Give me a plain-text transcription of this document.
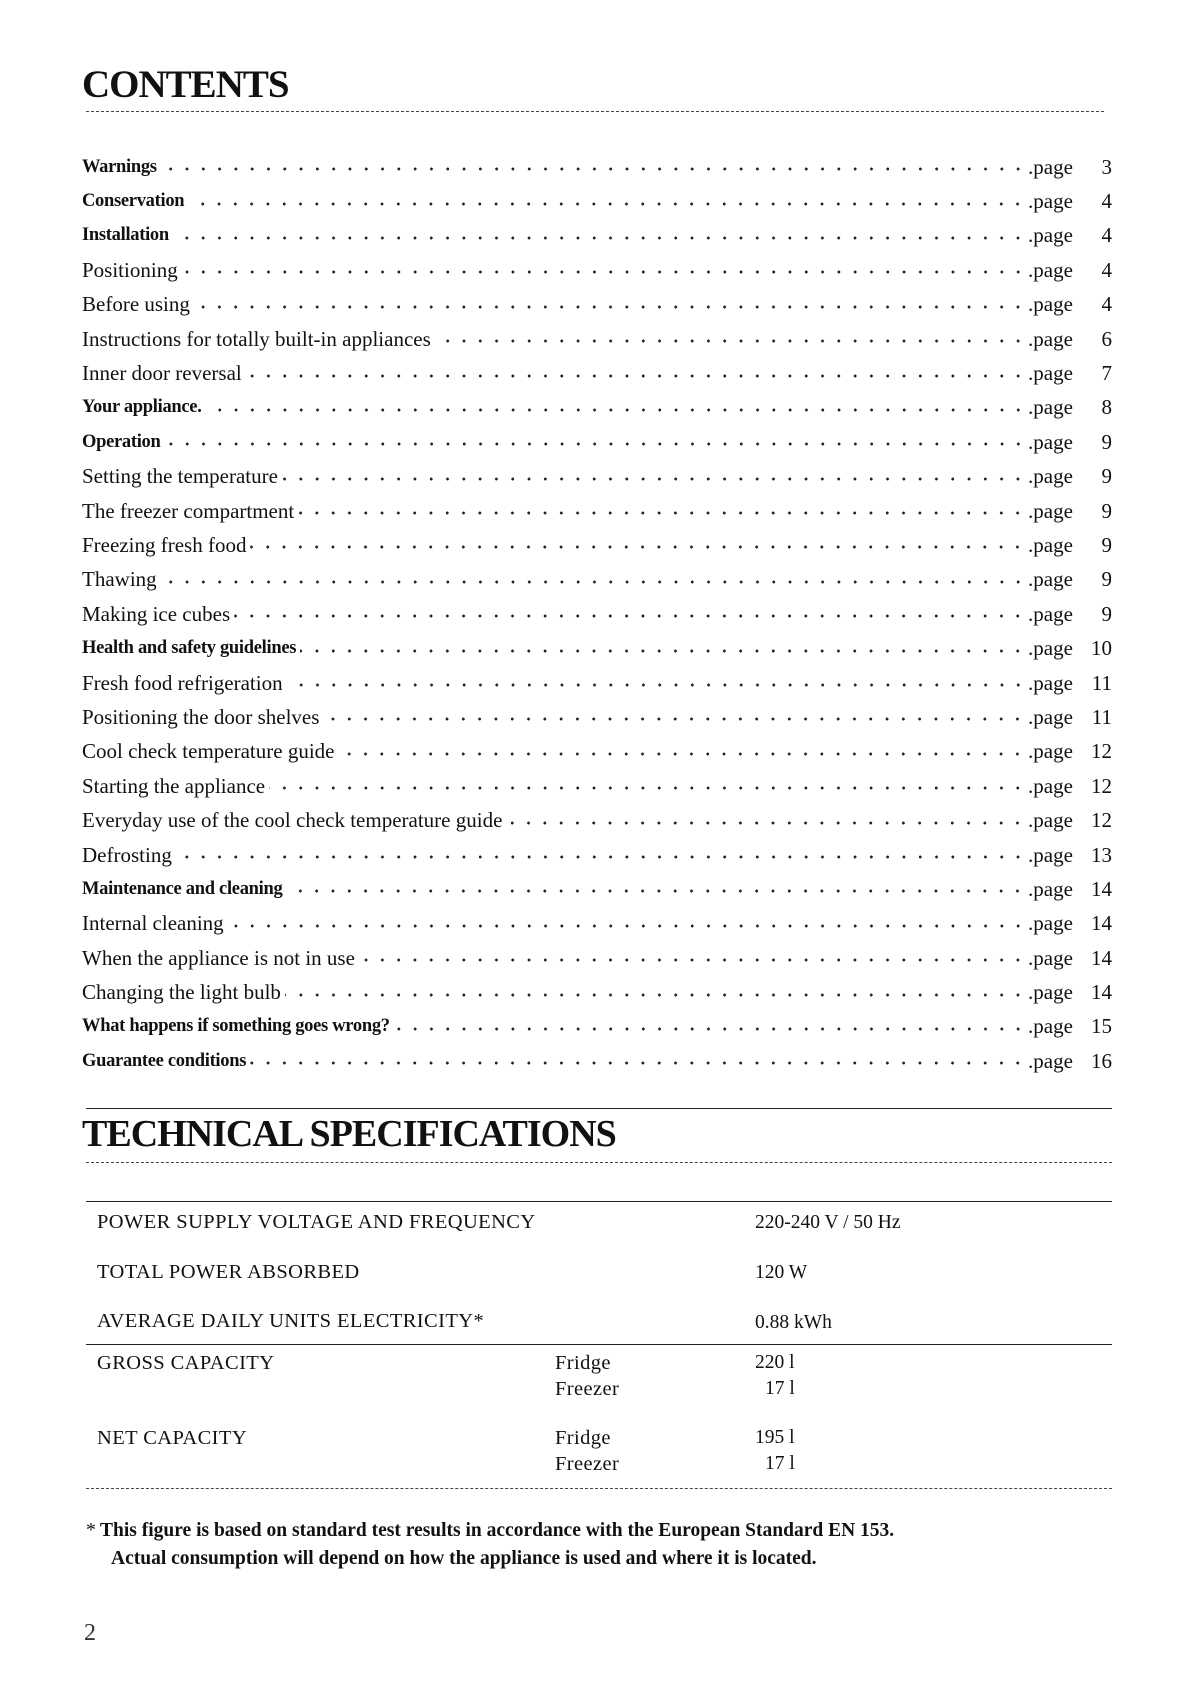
CONTENTS
Warnings	.page	3
Conservation	.page	4
Installation	.page	4
Positioning	.page	4
Before using	.page	4
Instructions for totally built-in appliances	.page	6
Inner door reversal	.page	7
Your appliance.	.page	8
Operation	.page	9
Setting the temperature	.page	9
The freezer compartment	.page	9
Freezing fresh food	.page	9
Thawing	.page	9
Making ice cubes	.page	9
Health and safety guidelines	.page 10
Fresh food refrigeration	.page 11
Positioning the door shelves	.page 11
Cool check temperature guide	.page 12
Starting the appliance	.page 12
Everyday use of the cool check temperature guide	.page 12
Defrosting	.page 13
Maintenance and cleaning	.page 14
Internal cleaning	.page 14
When the appliance is not in use	.page 14
Changing the light bulb	.page 14
What happens if something goes wrong?	.page 15
Guarantee conditions	.page 16
TECHNICAL SPECIFICATIONS
POWER SUPPLY VOLTAGE AND FREQUENCY	220-240 V / 50 Hz
TOTAL POWER ABSORBED	120 W
AVERAGE DAILY UNITS ELECTRICITY*	0.88 kWh
GROSS CAPACITY	Fridge	220 l
Freezer	17 l
NET CAPACITY	Fridge	195 l
Freezer	17 l
* This figure is based on standard test results in accordance with the European Standard EN 153.
Actual consumption will depend on how the appliance is used and where it is located.
2
